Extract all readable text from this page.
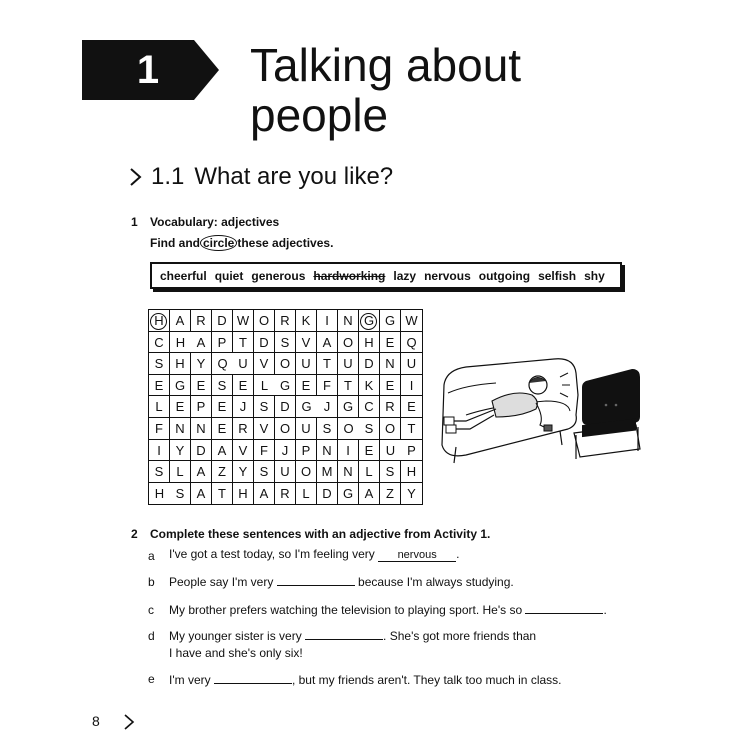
1 Talking about
people
1.1 What are you like?
1 Vocabulary: adjectives
Find and circle these adjectives.
cheerful quiet generous hardworking lazy nervous outgoing selfish shy
H A R D W O R K	I	N G G W
C H A P T D S V A O H E Q
S H Y Q U V O U T U D N U
E G E S E	L G E F	T K E	I
L	E P E	J	S D G J G C R E
F N N E R V O U S O S O T
I	Y D A V F	J	P N	I	E U P
S	L	A Z Y S U O M N L	S H
H S A T H A R L D G A Z	Y
2 Complete these sentences with an adjective from Activity 1.
a I've got a test today, so I'm feeling very nervous .
b People say I'm very	because I'm always studying.
c My brother prefers watching the television to playing sport. He's so	.
d My younger sister is very	. She's got more friends than
I have and she's only six!
e I'm very	, but my friends aren't. They talk too much in class.
8
